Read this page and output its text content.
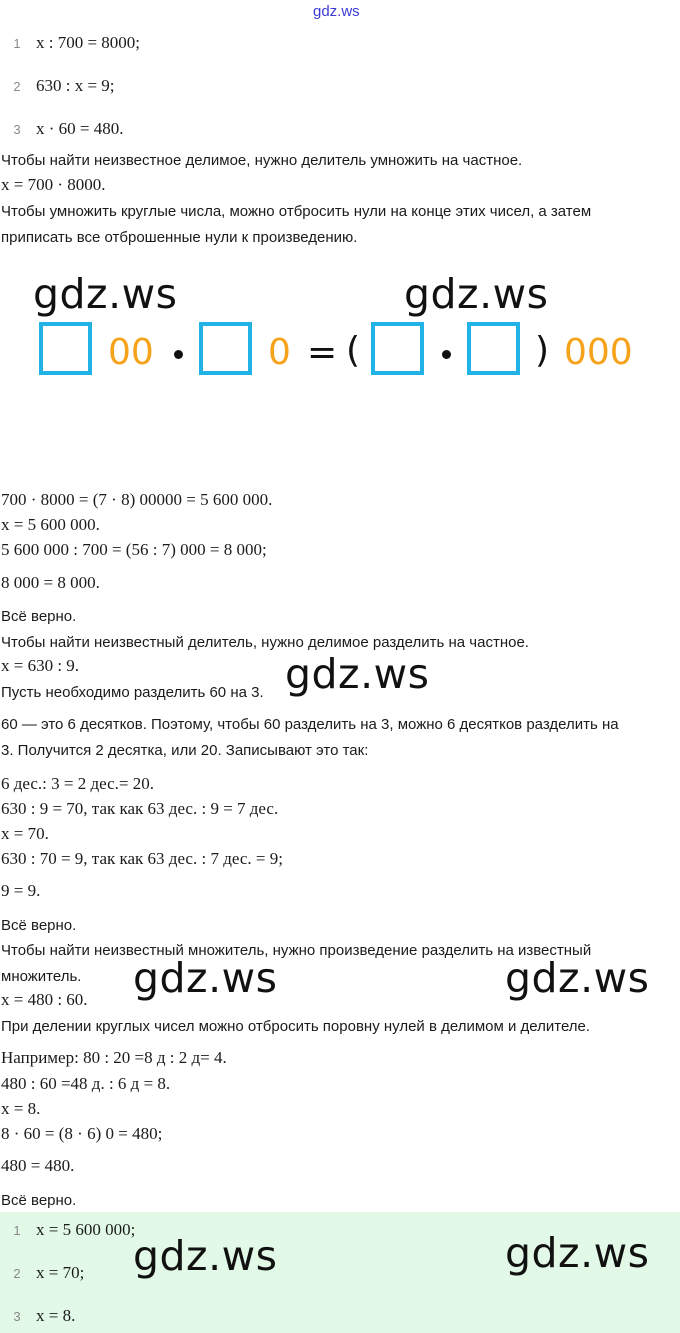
gdz.ws
1 x : 700 = 8000;
2 630 : x = 9;
3 x · 60 = 480.
Чтобы найти неизвестное делимое, нужно делитель умножить на частное.
x = 700 · 8000.
Чтобы умножить круглые числа, можно отбросить нули на конце этих чисел, а затем
приписать все отброшенные нули к произведению.
gdz.ws	gdz.ws
00	0 = (	) 000
700 · 8000 = (7 · 8) 00000 = 5 600 000.
x = 5 600 000.
5 600 000 : 700 = (56 : 7) 000 = 8 000;
8 000 = 8 000.
Всё верно.
Чтобы найти неизвестный делитель, нужно делимое разделить на частное.
x = 630 : 9.
Пусть необходимо разделить 60 на 3. gdz.ws
60 — это 6 десятков. Поэтому, чтобы 60 разделить на 3, можно 6 десятков разделить на
3. Получится 2 десятка, или 20. Записывают это так:
6 дес.: 3 = 2 дес.= 20.
630 : 9 = 70, так как 63 дес. : 9 = 7 дес.
x = 70.
630 : 70 = 9, так как 63 дес. : 7 дес. = 9;
9 = 9.
Всё верно.
Чтобы найти неизвестный множитель, нужно произведение разделить на известный
множитель. gdz.ws	gdz.ws
x = 480 : 60.
При делении круглых чисел можно отбросить поровну нулей в делимом и делителе.
Например: 80 : 20 =8 д : 2 д= 4.
480 : 60 =48 д. : 6 д = 8.
x = 8.
8 · 60 = (8 · 6) 0 = 480;
480 = 480.
Всё верно.
1 x = 5 600 000;
2 x = 70;
3 x = 8.
gdz.ws	gdz.ws
